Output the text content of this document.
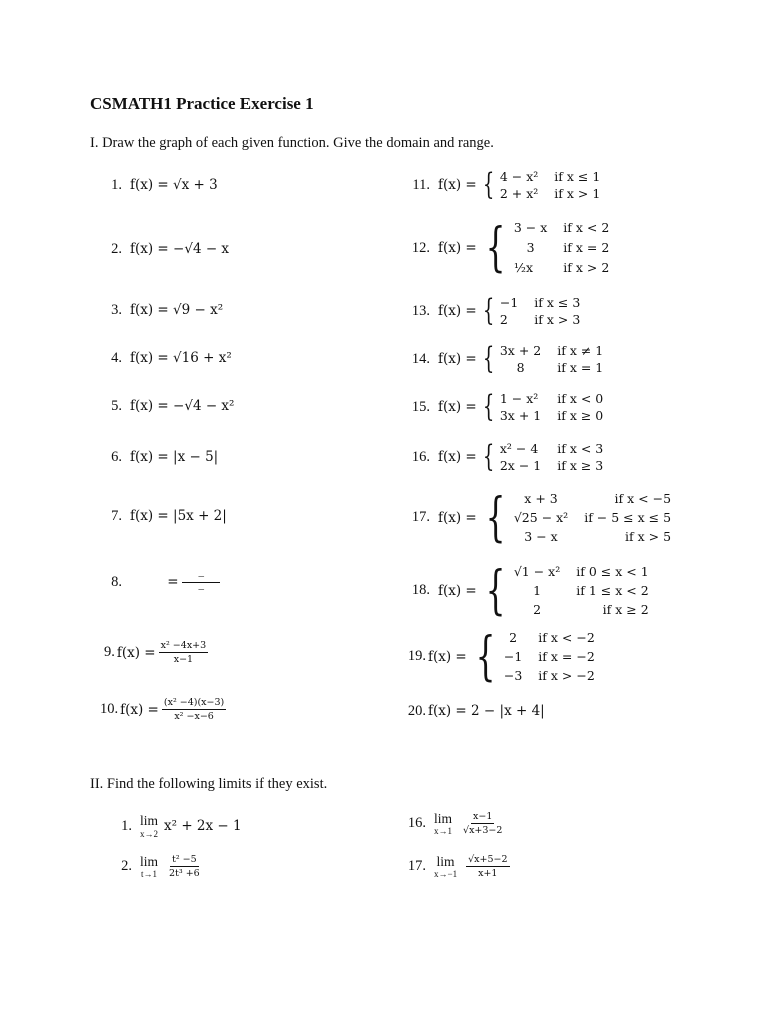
CSMATH1 Practice Exercise 1
I. Draw the graph of each given function. Give the domain and range.
1. f(x) = √x + 3
2. f(x) = −√4 − x
3. f(x) = √9 − x²
4. f(x) = √16 + x²
5. f(x) = −√4 − x²
6. f(x) = |x − 5|
7. f(x) = |5x + 2|
8.	=	–
–
9. $f(x) = \frac{\text{x² −4x+3}}{x-1}$
10. $f(x) = \frac{\text{(x² −4)(x−3)}}{\text{x² −x−6}}$
11. f(x) = { 4 − x² if x ≤ 1
2 + x² if x > 1
12. f(x) = { 3 − x if x < 2
3	if x = 2
½x	if x > 2
13. f(x) = { −1 if x ≤ 3
2	if x > 3
14. f(x) = { 3x + 2 if x ≠ 1
8	if x = 1
15. f(x) = { 1 − x² if x < 0
3x + 1 if x ≥ 0
16. f(x) = { x² − 4 if x < 3
2x − 1 if x ≥ 3
17. f(x) = {	x + 3	if x < −5
√25 − x² if − 5 ≤ x ≤ 5
3 − x	if x > 5
18. f(x) = { √1 − x² if 0 ≤ x < 1
1	if 1 ≤ x < 2
2	if x ≥ 2
19. f(x) = {	2	if x < −2
−1 if x = −2
−3 if x > −2
20. f(x) = 2 − |x + 4|
II. Find the following limits if they exist.
1. lim
x→2 x² + 2x − 1
2. lim
$t\to 1 \frac{\text{t² −5}}{\text{2t³ +6}}$
16. lim
$x\to 1 \frac{x-1}{√x+3-2}$
17. lim
$x\to-1 \frac{√x+5-2}{x+1}$
